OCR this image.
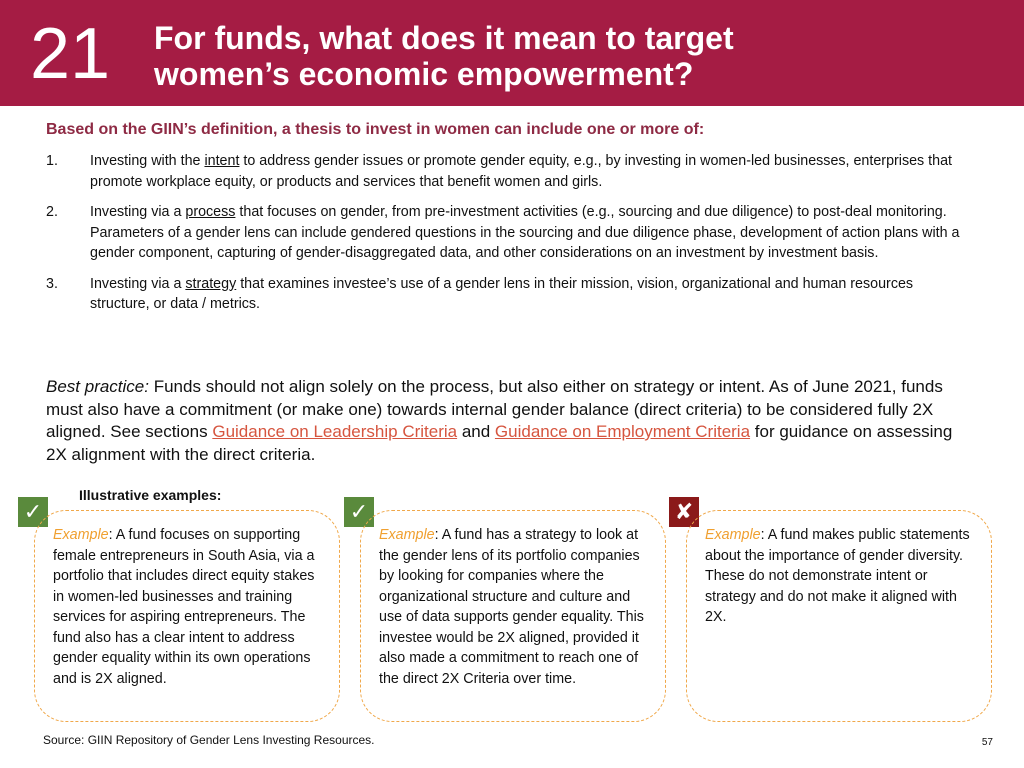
21 For funds, what does it mean to target
women’s economic empowerment?
Based on the GIIN’s definition, a thesis to invest in women can include one or more of:
1. Investing with the intent to address gender issues or promote gender equity, e.g., by investing in women-led businesses, enterprises that promote workplace equity, or products and services that benefit women and girls.
2. Investing via a process that focuses on gender, from pre-investment activities (e.g., sourcing and due diligence) to post-deal monitoring. Parameters of a gender lens can include gendered questions in the sourcing and due diligence phase, development of action plans with a gender component, capturing of gender-disaggregated data, and other considerations on an investment by investment basis.
3. Investing via a strategy that examines investee’s use of a gender lens in their mission, vision, organizational and human resources structure, or data / metrics.
Best practice: Funds should not align solely on the process, but also either on strategy or intent. As of June 2021, funds must also have a commitment (or make one) towards internal gender balance (direct criteria) to be considered fully 2X aligned. See sections Guidance on Leadership Criteria and Guidance on Employment Criteria for guidance on assessing 2X alignment with the direct criteria.
Illustrative examples:
✓	✓	✘
Example: A fund focuses on supporting female entrepreneurs in South Asia, via a portfolio that includes direct equity stakes in women-led businesses and training services for aspiring entrepreneurs. The fund also has a clear intent to address gender equality within its own operations and is 2X aligned.
Example: A fund has a strategy to look at the gender lens of its portfolio companies by looking for companies where the organizational structure and culture and use of data supports gender equality. This investee would be 2X aligned, provided it also made a commitment to reach one of the direct 2X Criteria over time.
Example: A fund makes public statements about the importance of gender diversity. These do not demonstrate intent or strategy and do not make it aligned with 2X.
Source: GIIN Repository of Gender Lens Investing Resources.	57
